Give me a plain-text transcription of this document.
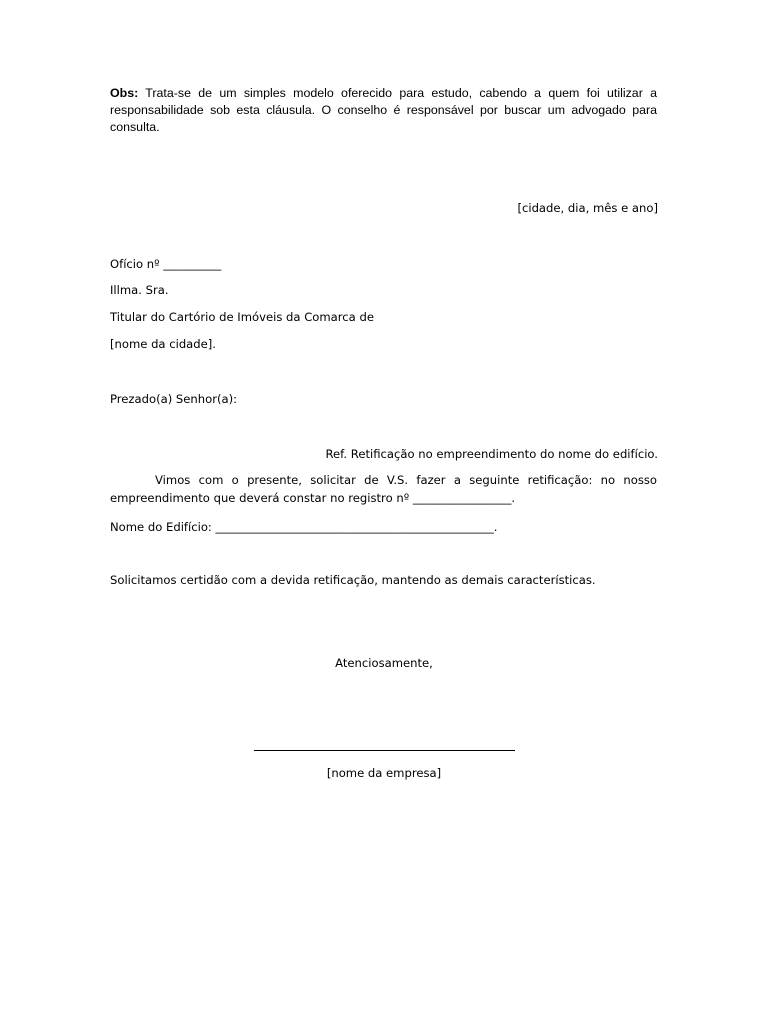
Obs: Trata-se de um simples modelo oferecido para estudo, cabendo a quem foi utilizar a responsabilidade sob esta cláusula. O conselho é responsável por buscar um advogado para consulta.
[cidade, dia, mês e ano]
Ofício nº __________
Illma. Sra.
Titular do Cartório de Imóveis da Comarca de
[nome da cidade].
Prezado(a) Senhor(a):
Ref. Retificação no empreendimento do nome do edifício.
Vimos com o presente, solicitar de V.S. fazer a seguinte retificação: no nosso empreendimento que deverá constar no registro nº _________________.
Nome do Edifício: ________________________________________________.
Solicitamos certidão com a devida retificação, mantendo as demais características.
Atenciosamente,
[nome da empresa]
